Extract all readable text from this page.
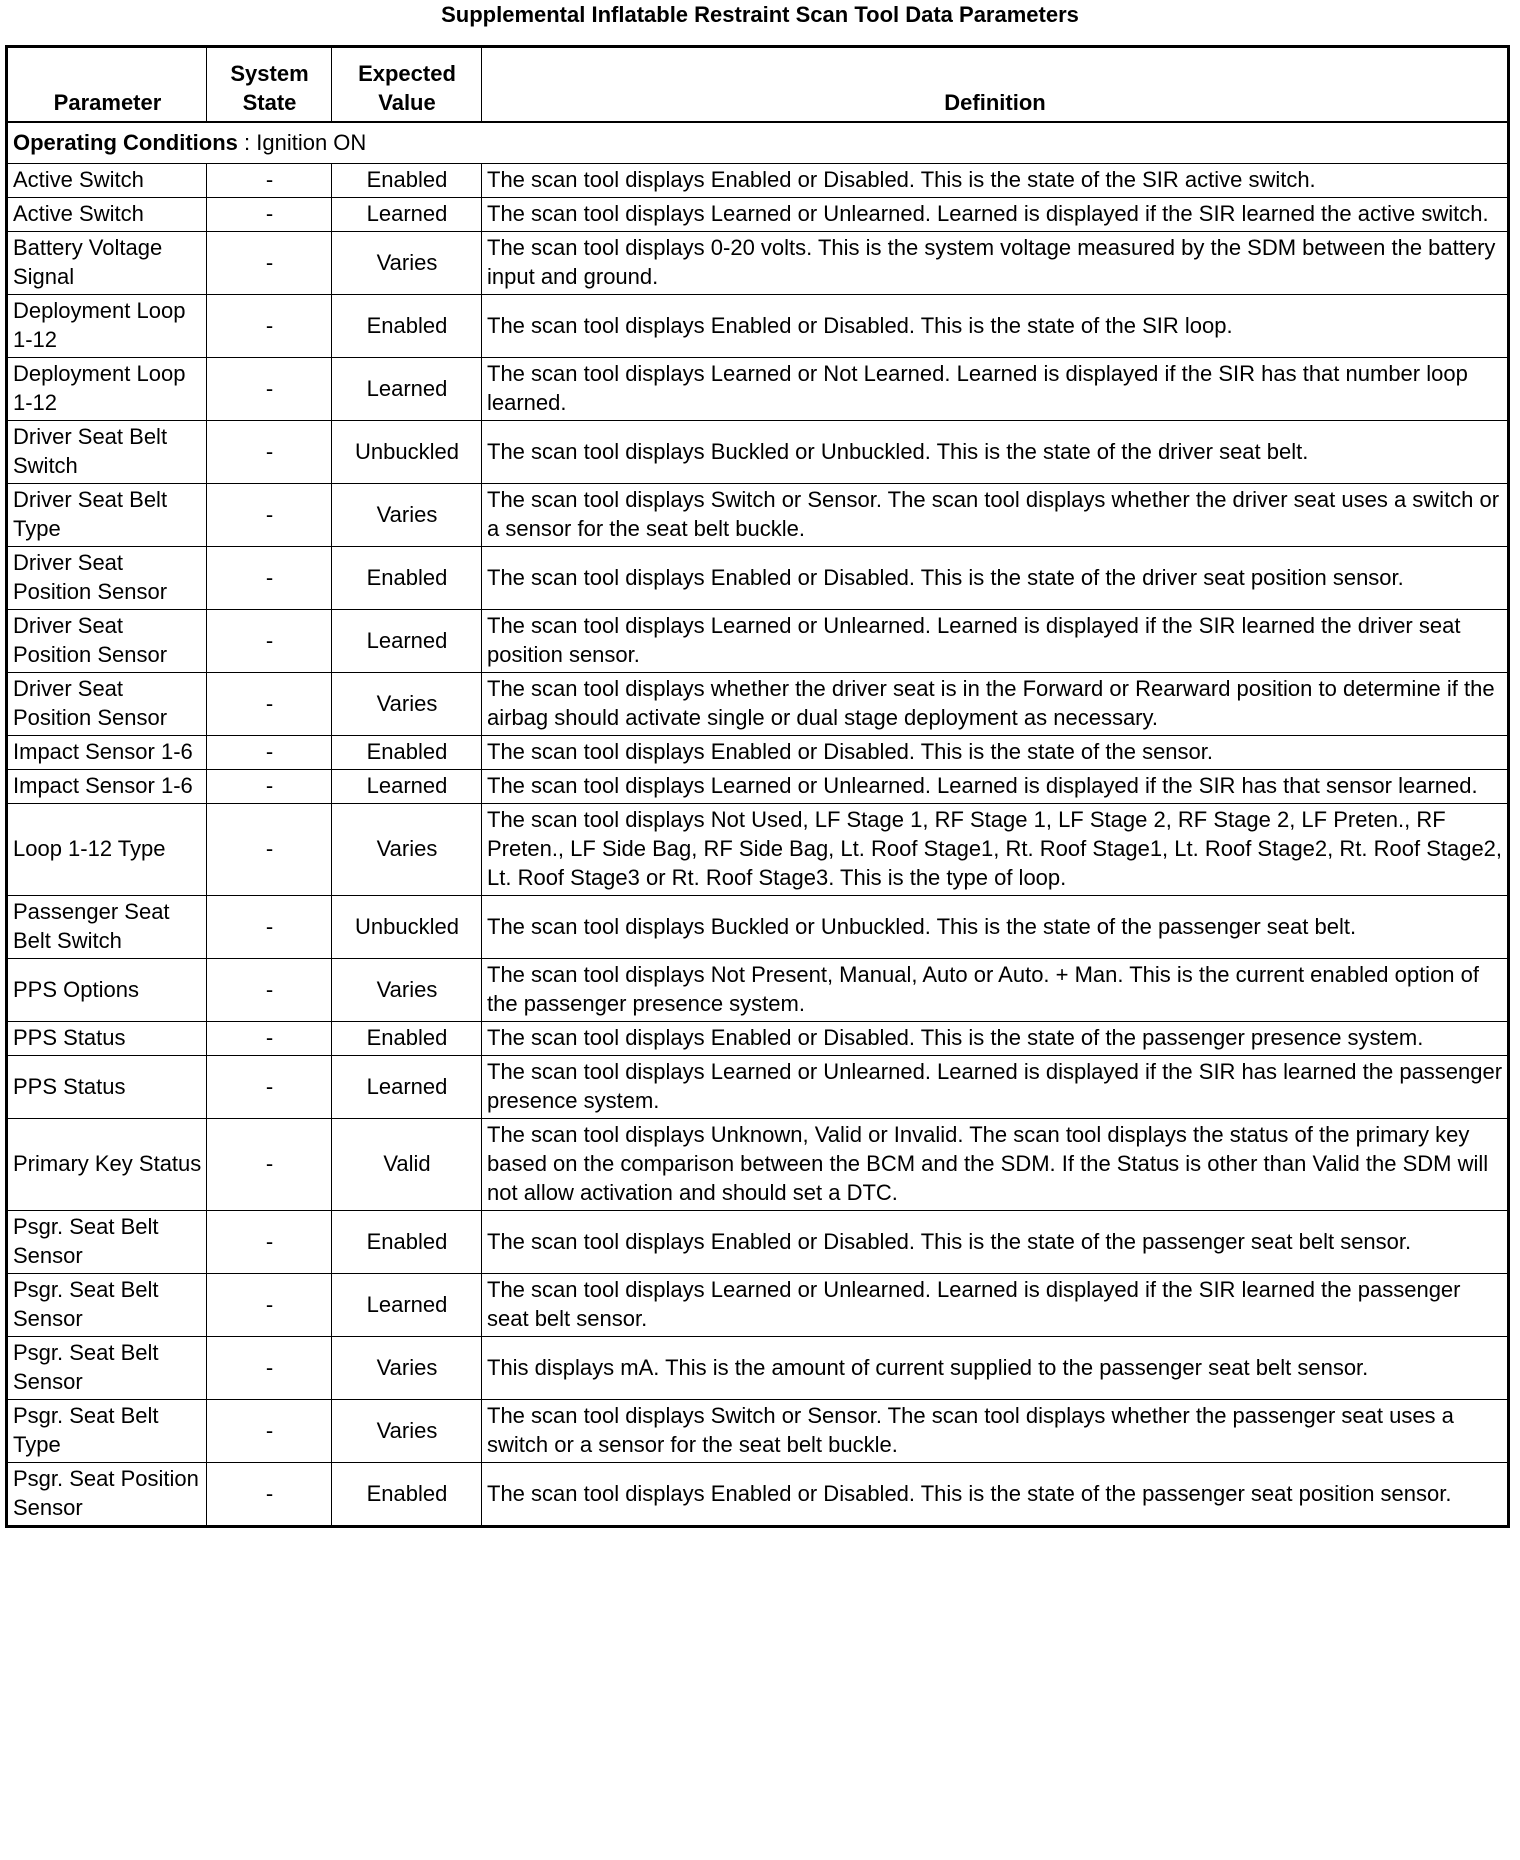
Supplemental Inflatable Restraint Scan Tool Data Parameters
Parameter	System State	Expected Value	Definition
Operating Conditions : Ignition ON			
Active Switch	-	Enabled	The scan tool displays Enabled or Disabled. This is the state of the SIR active switch.
Active Switch	-	Learned	The scan tool displays Learned or Unlearned. Learned is displayed if the SIR learned the active switch.
Battery Voltage Signal	-	Varies	The scan tool displays 0-20 volts. This is the system voltage measured by the SDM between the battery input and ground.
Deployment Loop 1-12	-	Enabled	The scan tool displays Enabled or Disabled. This is the state of the SIR loop.
Deployment Loop 1-12	-	Learned	The scan tool displays Learned or Not Learned. Learned is displayed if the SIR has that number loop learned.
Driver Seat Belt Switch	-	Unbuckled	The scan tool displays Buckled or Unbuckled. This is the state of the driver seat belt.
Driver Seat Belt Type	-	Varies	The scan tool displays Switch or Sensor. The scan tool displays whether the driver seat uses a switch or a sensor for the seat belt buckle.
Driver Seat Position Sensor	-	Enabled	The scan tool displays Enabled or Disabled. This is the state of the driver seat position sensor.
Driver Seat Position Sensor	-	Learned	The scan tool displays Learned or Unlearned. Learned is displayed if the SIR learned the driver seat position sensor.
Driver Seat Position Sensor	-	Varies	The scan tool displays whether the driver seat is in the Forward or Rearward position to determine if the airbag should activate single or dual stage deployment as necessary.
Impact Sensor 1-6	-	Enabled	The scan tool displays Enabled or Disabled. This is the state of the sensor.
Impact Sensor 1-6	-	Learned	The scan tool displays Learned or Unlearned. Learned is displayed if the SIR has that sensor learned.
Loop 1-12 Type	-	Varies	The scan tool displays Not Used, LF Stage 1, RF Stage 1, LF Stage 2, RF Stage 2, LF Preten., RF Preten., LF Side Bag, RF Side Bag, Lt. Roof Stage1, Rt. Roof Stage1, Lt. Roof Stage2, Rt. Roof Stage2, Lt. Roof Stage3 or Rt. Roof Stage3. This is the type of loop.
Passenger Seat Belt Switch	-	Unbuckled	The scan tool displays Buckled or Unbuckled. This is the state of the passenger seat belt.
PPS Options	-	Varies	The scan tool displays Not Present, Manual, Auto or Auto. + Man. This is the current enabled option of the passenger presence system.
PPS Status	-	Enabled	The scan tool displays Enabled or Disabled. This is the state of the passenger presence system.
PPS Status	-	Learned	The scan tool displays Learned or Unlearned. Learned is displayed if the SIR has learned the passenger presence system.
Primary Key Status	-	Valid	The scan tool displays Unknown, Valid or Invalid. The scan tool displays the status of the primary key based on the comparison between the BCM and the SDM. If the Status is other than Valid the SDM will not allow activation and should set a DTC.
Psgr. Seat Belt Sensor	-	Enabled	The scan tool displays Enabled or Disabled. This is the state of the passenger seat belt sensor.
Psgr. Seat Belt Sensor	-	Learned	The scan tool displays Learned or Unlearned. Learned is displayed if the SIR learned the passenger seat belt sensor.
Psgr. Seat Belt Sensor	-	Varies	This displays mA. This is the amount of current supplied to the passenger seat belt sensor.
Psgr. Seat Belt Type	-	Varies	The scan tool displays Switch or Sensor. The scan tool displays whether the passenger seat uses a switch or a sensor for the seat belt buckle.
Psgr. Seat Position Sensor	-	Enabled	The scan tool displays Enabled or Disabled. This is the state of the passenger seat position sensor.
